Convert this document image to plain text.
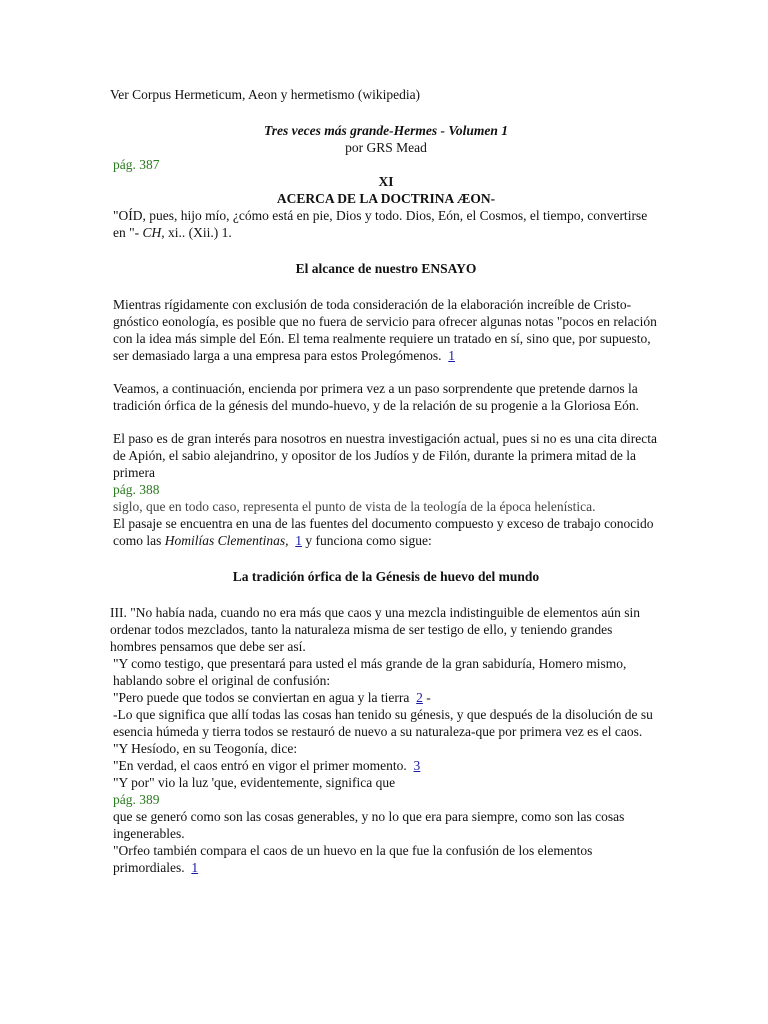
Ver Corpus Hermeticum, Aeon y hermetismo (wikipedia)

Tres veces más grande-Hermes - Volumen 1

por GRS Mead

pág. 387

XI

ACERCA DE LA DOCTRINA ÆON-

"OÍD, pues, hijo mío, ¿cómo está en pie, Dios y todo. Dios, Eón, el Cosmos, el tiempo, convertirse en "- CH, xi.. (Xii.) 1.

El alcance de nuestro ENSAYO

Mientras rígidamente con exclusión de toda consideración de la elaboración increíble de Cristo-gnóstico eonología, es posible que no fuera de servicio para ofrecer algunas notas "pocos en relación con la idea más simple del Eón. El tema realmente requiere un tratado en sí, sino que, por supuesto, ser demasiado larga a una empresa para estos Prolegómenos. 1

Veamos, a continuación, encienda por primera vez a un paso sorprendente que pretende darnos la tradición órfica de la génesis del mundo-huevo, y de la relación de su progenie a la Gloriosa Eón.

El paso es de gran interés para nosotros en nuestra investigación actual, pues si no es una cita directa de Apión, el sabio alejandrino, y opositor de los Judíos y de Filón, durante la primera mitad de la primera

pág. 388

siglo, que en todo caso, representa el punto de vista de la teología de la época helenística.

El pasaje se encuentra en una de las fuentes del documento compuesto y exceso de trabajo conocido como las Homilías Clementinas, 1 y funciona como sigue:

La tradición órfica de la Génesis de huevo del mundo

III. "No había nada, cuando no era más que caos y una mezcla indistinguible de elementos aún sin ordenar todos mezclados, tanto la naturaleza misma de ser testigo de ello, y teniendo grandes hombres pensamos que debe ser así.

"Y como testigo, que presentará para usted el más grande de la gran sabiduría, Homero mismo, hablando sobre el original de confusión:

"Pero puede que todos se conviertan en agua y la tierra 2 -

-Lo que significa que allí todas las cosas han tenido su génesis, y que después de la disolución de su esencia húmeda y tierra todos se restauró de nuevo a su naturaleza-que por primera vez es el caos.

"Y Hesíodo, en su Teogonía, dice:

"En verdad, el caos entró en vigor el primer momento. 3

"Y por" vio la luz 'que, evidentemente, significa que

pág. 389

que se generó como son las cosas generables, y no lo que era para siempre, como son las cosas ingenerables.

"Orfeo también compara el caos de un huevo en la que fue la confusión de los elementos primordiales. 1
